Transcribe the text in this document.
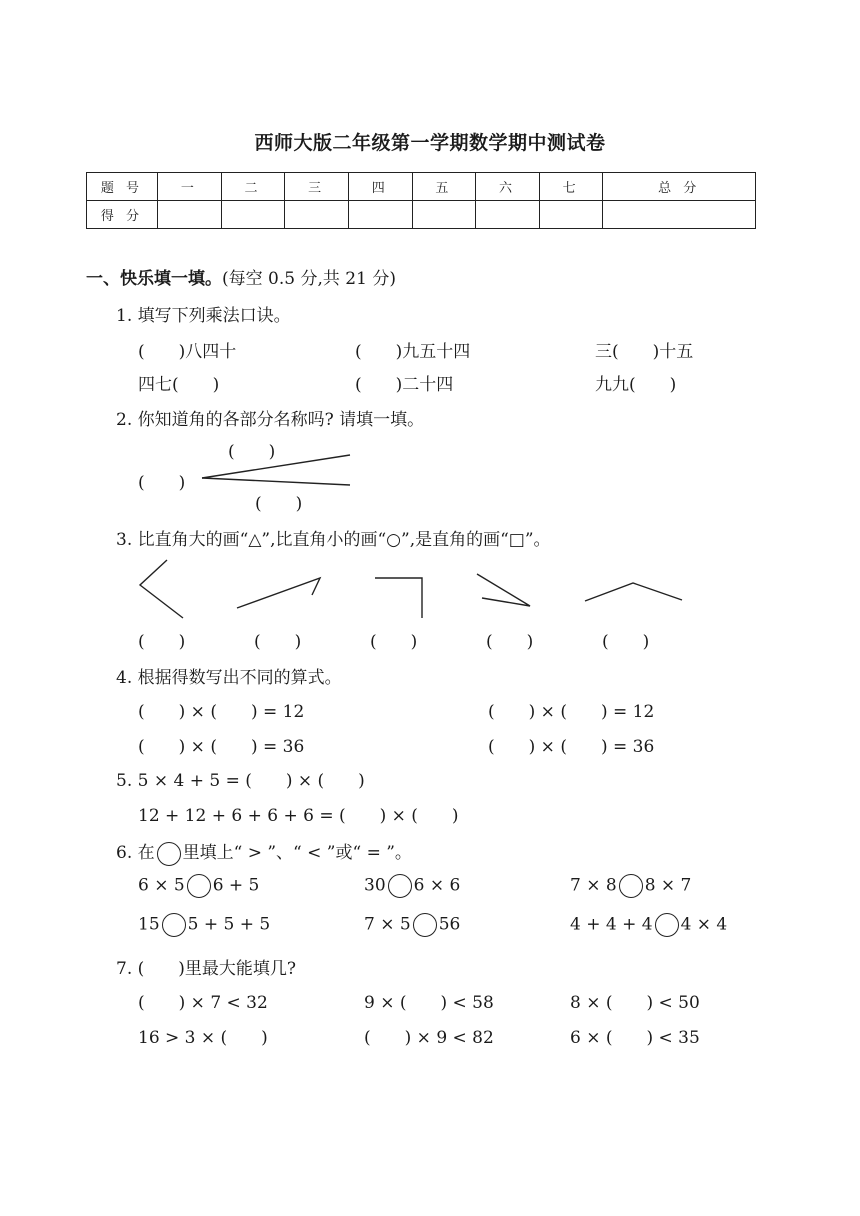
西师大版二年级第一学期数学期中测试卷
题 号	一	二	三	四	五	六	七	总 分
得 分								
一、快乐填一填。(每空 0.5 分,共 21 分)
1. 填写下列乘法口诀。
(　　)八四十	(　　)九五十四	三(　　)十五
四七(　　)	(　　)二十四	九九(　　)
2. 你知道角的各部分名称吗? 请填一填。
(　　)
(　　)
(　　)
3. 比直角大的画“△”,比直角小的画“○”,是直角的画“□”。
(　　)	(　　)	(　　)	(　　)	(　　)
4. 根据得数写出不同的算式。
(　　) × (　　) = 12	(　　) × (　　) = 12
(　　) × (　　) = 36	(　　) × (　　) = 36
5. 5 × 4 + 5 = (　　) × (　　)
12 + 12 + 6 + 6 + 6 = (　　) × (　　)
6. 在 里填上“ > ”、“ < ”或“ = ”。
6 × 5 6 + 5	30 6 × 6	7 × 8 8 × 7
15 5 + 5 + 5	7 × 5 56	4 + 4 + 4 4 × 4
7. (　　)里最大能填几?
(　　) × 7 < 32	9 × (　　) < 58	8 × (　　) < 50
16 > 3 × (　　)	(　　) × 9 < 82	6 × (　　) < 35
